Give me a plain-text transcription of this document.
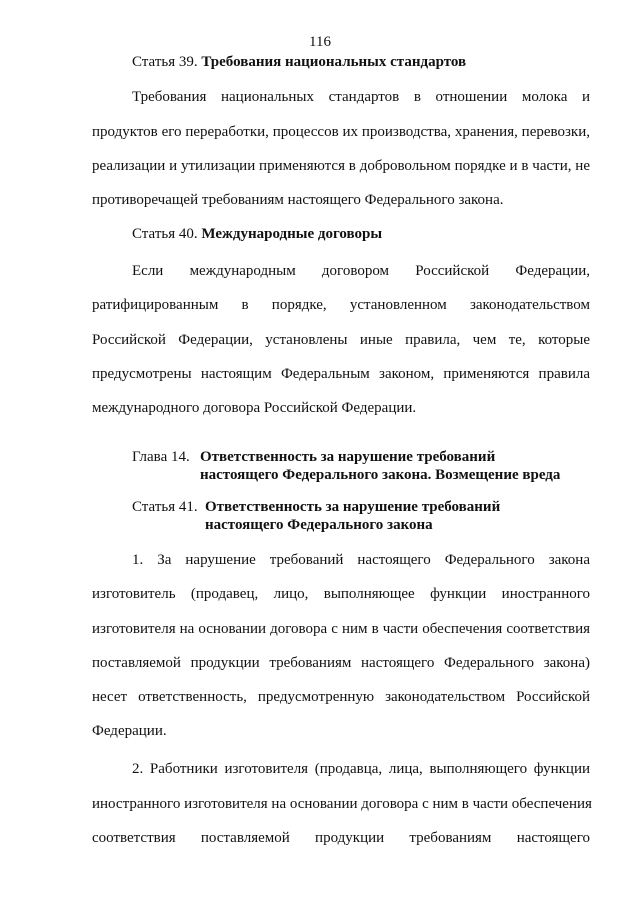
116
Статья 39. Требования национальных стандартов
Требования национальных стандартов в отношении молока и
продуктов его переработки, процессов их производства, хранения, перевозки,
реализации и утилизации применяются в добровольном порядке и в части, не
противоречащей требованиям настоящего Федерального закона.
Статья 40. Международные договоры
Если международным договором Российской Федерации,
ратифицированным в порядке, установленном законодательством
Российской Федерации, установлены иные правила, чем те, которые
предусмотрены настоящим Федеральным законом, применяются правила
международного договора Российской Федерации.
Глава 14. Ответственность за нарушение требований
настоящего Федерального закона. Возмещение вреда
Статья 41. Ответственность за нарушение требований
настоящего Федерального закона
1. За нарушение требований настоящего Федерального закона
изготовитель (продавец, лицо, выполняющее функции иностранного
изготовителя на основании договора с ним в части обеспечения соответствия
поставляемой продукции требованиям настоящего Федерального закона)
несет ответственность, предусмотренную законодательством Российской
Федерации.
2. Работники изготовителя (продавца, лица, выполняющего функции
иностранного изготовителя на основании договора с ним в части обеспечения
соответствия поставляемой продукции требованиям настоящего
